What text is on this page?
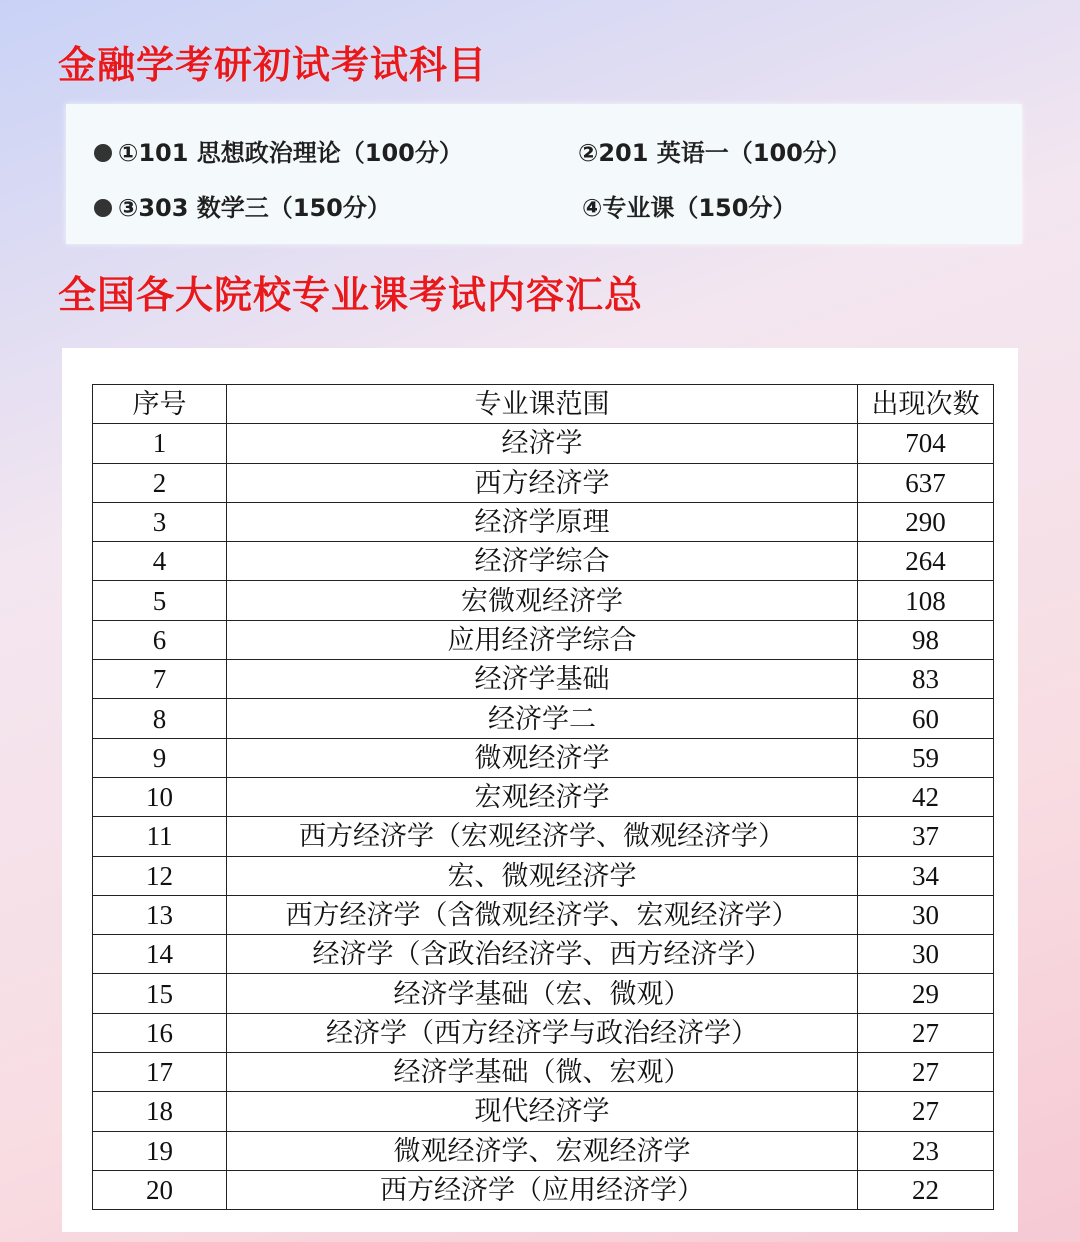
金融学考研初试考试科目
①101 思想政治理论（100分）	②201 英语一（100分）
③303 数学三（150分）	④专业课（150分）
全国各大院校专业课考试内容汇总
序号	专业课范围	出现次数
1	经济学	704
2	西方经济学	637
3	经济学原理	290
4	经济学综合	264
5	宏微观经济学	108
6	应用经济学综合	98
7	经济学基础	83
8	经济学二	60
9	微观经济学	59
10	宏观经济学	42
11	西方经济学（宏观经济学、微观经济学）	37
12	宏、微观经济学	34
13	西方经济学（含微观经济学、宏观经济学）	30
14	经济学（含政治经济学、西方经济学）	30
15	经济学基础（宏、微观）	29
16	经济学（西方经济学与政治经济学）	27
17	经济学基础（微、宏观）	27
18	现代经济学	27
19	微观经济学、宏观经济学	23
20	西方经济学（应用经济学）	22
